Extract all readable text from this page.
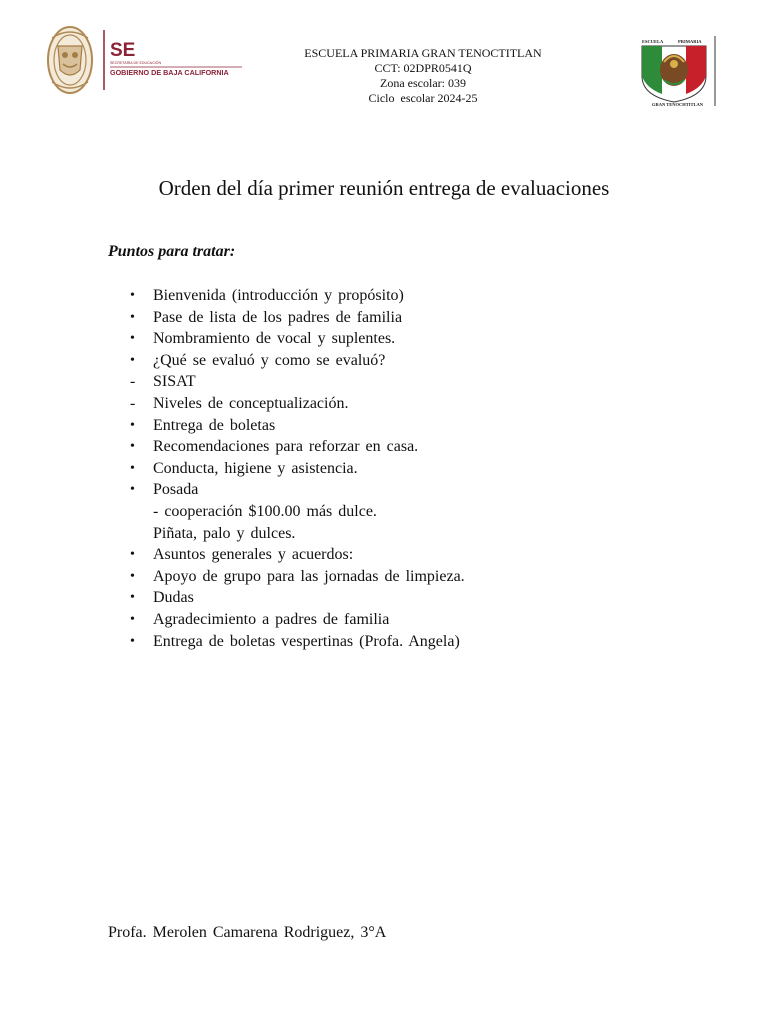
SE
SECRETARÍA DE EDUCACIÓN
GOBIERNO DE BAJA CALIFORNIA
ESCUELA PRIMARIA GRAN TENOCTITLAN
CCT: 02DPR0541Q
Zona escolar: 039
Ciclo  escolar 2024-25
ESCUELA	PRIMARIA
GRAN TENOCHTITLAN
Orden del día primer reunión entrega de evaluaciones
Puntos para tratar:
• Bienvenida (introducción y propósito)
• Pase de lista de los padres de familia
• Nombramiento de vocal y suplentes.
• ¿Qué se evaluó y como se evaluó?
- SISAT
- Niveles de conceptualización.
• Entrega de boletas
• Recomendaciones para reforzar en casa.
• Conducta, higiene y asistencia.
• Posada
- cooperación $100.00 más dulce.
Piñata, palo y dulces.
• Asuntos generales y acuerdos:
• Apoyo de grupo para las jornadas de limpieza.
• Dudas
• Agradecimiento a padres de familia
• Entrega de boletas vespertinas (Profa. Angela)
Profa. Merolen Camarena Rodriguez, 3°A
